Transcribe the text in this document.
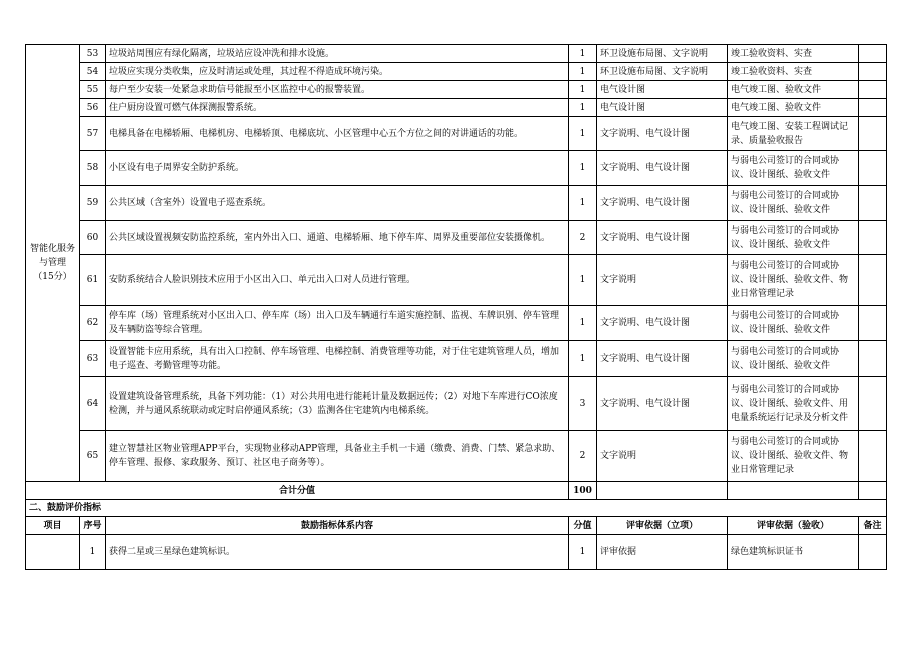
智能化服务与管理（15分）	53	垃圾站周围应有绿化隔离，垃圾站应设冲洗和排水设施。	1	环卫设施布局图、文字说明	竣工验收资料、实查	
	54	垃圾应实现分类收集，应及时清运或处理，其过程不得造成环境污染。	1	环卫设施布局图、文字说明	竣工验收资料、实查	
	55	每户至少安装一处紧急求助信号能报至小区监控中心的报警装置。	1	电气设计图	电气竣工图、验收文件	
	56	住户厨房设置可燃气体探测报警系统。	1	电气设计图	电气竣工图、验收文件	
	57	电梯具备在电梯轿厢、电梯机房、电梯轿顶、电梯底坑、小区管理中心五个方位之间的对讲通话的功能。	1	文字说明、电气设计图	电气竣工图、安装工程调试记录、质量验收报告	
	58	小区设有电子周界安全防护系统。	1	文字说明、电气设计图	与弱电公司签订的合同或协议、设计图纸、验收文件	
	59	公共区域（含室外）设置电子巡查系统。	1	文字说明、电气设计图	与弱电公司签订的合同或协议、设计图纸、验收文件	
	60	公共区域设置视频安防监控系统，室内外出入口、通道、电梯轿厢、地下停车库、周界及重要部位安装摄像机。	2	文字说明、电气设计图	与弱电公司签订的合同或协议、设计图纸、验收文件	
	61	安防系统结合人脸识别技术应用于小区出入口、单元出入口对人员进行管理。	1	文字说明	与弱电公司签订的合同或协议、设计图纸、验收文件、物业日常管理记录	
	62	停车库（场）管理系统对小区出入口、停车库（场）出入口及车辆通行车道实施控制、监视、车牌识别、停车管理及车辆防盗等综合管理。	1	文字说明、电气设计图	与弱电公司签订的合同或协议、设计图纸、验收文件	
	63	设置智能卡应用系统，具有出入口控制、停车场管理、电梯控制、消费管理等功能，对于住宅建筑管理人员，增加电子巡查、考勤管理等功能。	1	文字说明、电气设计图	与弱电公司签订的合同或协议、设计图纸、验收文件	
	64	设置建筑设备管理系统，具备下列功能：（1）对公共用电进行能耗计量及数据远传；（2）对地下车库进行CO浓度检测，并与通风系统联动或定时启停通风系统；（3）监测各住宅建筑内电梯系统。	3	文字说明、电气设计图	与弱电公司签订的合同或协议、设计图纸、验收文件、用电量系统运行记录及分析文件	
	65	建立智慧社区物业管理APP平台，实现物业移动APP管理，具备业主手机一卡通（缴费、消费、门禁、紧急求助、停车管理、报修、家政服务、预订、社区电子商务等）。	2	文字说明	与弱电公司签订的合同或协议、设计图纸、验收文件、物业日常管理记录	
合计分值			100			
二、鼓励评价指标						
项目	序号	鼓励指标体系内容	分值	评审依据（立项）	评审依据（验收）	备注
	1	获得二星或三星绿色建筑标识。	1	评审依据	绿色建筑标识证书	
